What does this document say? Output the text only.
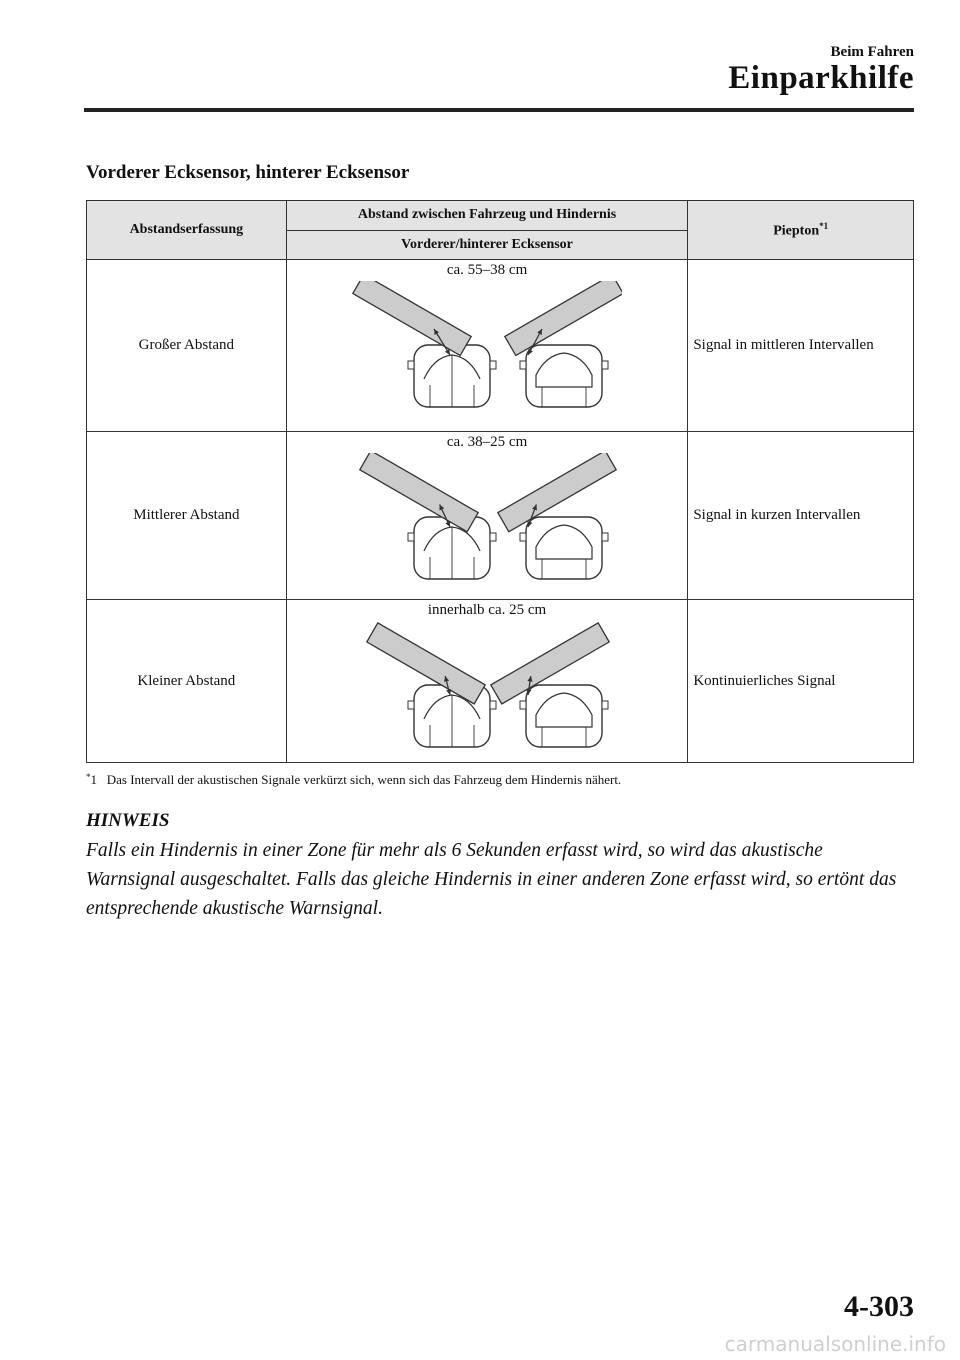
Beim Fahren
Einparkhilfe
Vorderer Ecksensor, hinterer Ecksensor
Abstandserfassung	Abstand zwischen Fahrzeug und Hindernis	Piepton$^{*1}$
	Vorderer/hinterer Ecksensor	
Großer Abstand	ca. 55–38 cm	Signal in mittleren Intervallen
Mittlerer Abstand	ca. 38–25 cm	Signal in kurzen Intervallen
Kleiner Abstand	innerhalb ca. 25 cm	Kontinuierliches Signal
*1 Das Intervall der akustischen Signale verkürzt sich, wenn sich das Fahrzeug dem Hindernis nähert.
HINWEIS
Falls ein Hindernis in einer Zone für mehr als 6 Sekunden erfasst wird, so wird das akustische Warnsignal ausgeschaltet. Falls das gleiche Hindernis in einer anderen Zone erfasst wird, so ertönt das entsprechende akustische Warnsignal.
4-303
carmanualsonline.info
